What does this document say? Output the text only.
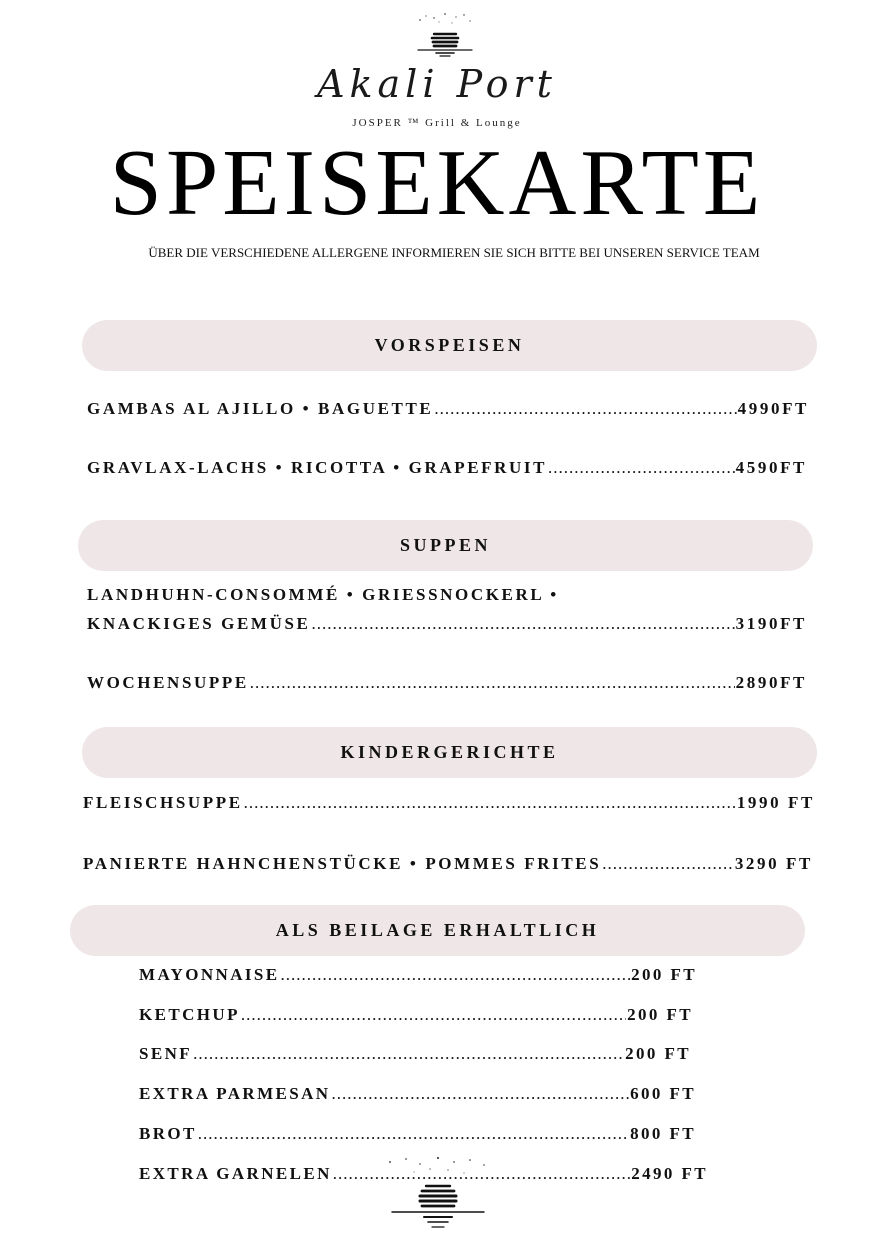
Akali Port
JOSPER ™ Grill & Lounge
SPEISEKARTE
ÜBER DIE VERSCHIEDENE ALLERGENE INFORMIEREN SIE SICH BITTE BEI UNSEREN SERVICE TEAM
VORSPEISEN
GAMBAS AL AJILLO • BAGUETTE .....	4990FT
GRAVLAX-LACHS • RICOTTA • GRAPEFRUIT .....	4590FT
SUPPEN
LANDHUHN-CONSOMMÉ • GRIESSNOCKERL •
KNACKIGES GEMÜSE .....	3190FT
WOCHENSUPPE .....	2890FT
KINDERGERICHTE
FLEISCHSUPPE .....	1990 FT
PANIERTE HAHNCHENSTÜCKE • POMMES FRITES .....	3290 FT
ALS BEILAGE ERHALTLICH
MAYONNAISE .....	200 FT
KETCHUP .....	200 FT
SENF .....	200 FT
EXTRA PARMESAN .....	600 FT
BROT .....	800 FT
EXTRA GARNELEN .....	2490 FT
